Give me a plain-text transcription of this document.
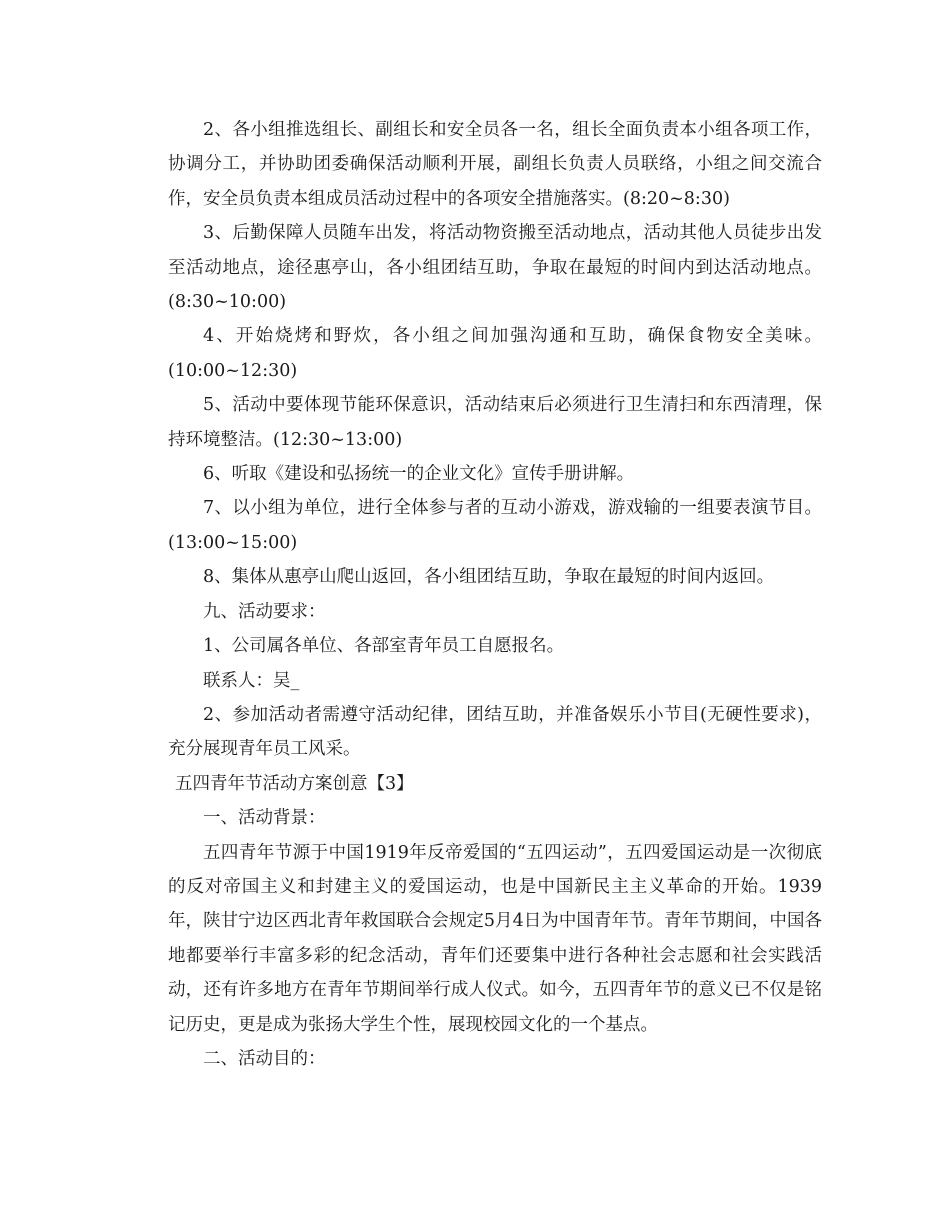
2、各小组推选组长、副组长和安全员各一名，组长全面负责本小组各项工作，协调分工，并协助团委确保活动顺利开展，副组长负责人员联络，小组之间交流合作，安全员负责本组成员活动过程中的各项安全措施落实。(8:20~8:30)

3、后勤保障人员随车出发，将活动物资搬至活动地点，活动其他人员徒步出发至活动地点，途径惠亭山，各小组团结互助，争取在最短的时间内到达活动地点。(8:30~10:00)

4、开始烧烤和野炊，各小组之间加强沟通和互助，确保食物安全美味。(10:00~12:30)

5、活动中要体现节能环保意识，活动结束后必须进行卫生清扫和东西清理，保持环境整洁。(12:30~13:00)

6、听取《建设和弘扬统一的企业文化》宣传手册讲解。

7、以小组为单位，进行全体参与者的互动小游戏，游戏输的一组要表演节目。(13:00~15:00)

8、集体从惠亭山爬山返回，各小组团结互助，争取在最短的时间内返回。

九、活动要求：

1、公司属各单位、各部室青年员工自愿报名。

联系人：吴_

2、参加活动者需遵守活动纪律，团结互助，并准备娱乐小节目(无硬性要求)，充分展现青年员工风采。

五四青年节活动方案创意【3】

一、活动背景：

五四青年节源于中国1919年反帝爱国的“五四运动”，五四爱国运动是一次彻底的反对帝国主义和封建主义的爱国运动，也是中国新民主主义革命的开始。1939年，陕甘宁边区西北青年救国联合会规定5月4日为中国青年节。青年节期间，中国各地都要举行丰富多彩的纪念活动，青年们还要集中进行各种社会志愿和社会实践活动，还有许多地方在青年节期间举行成人仪式。如今，五四青年节的意义已不仅是铭记历史，更是成为张扬大学生个性，展现校园文化的一个基点。

二、活动目的：
